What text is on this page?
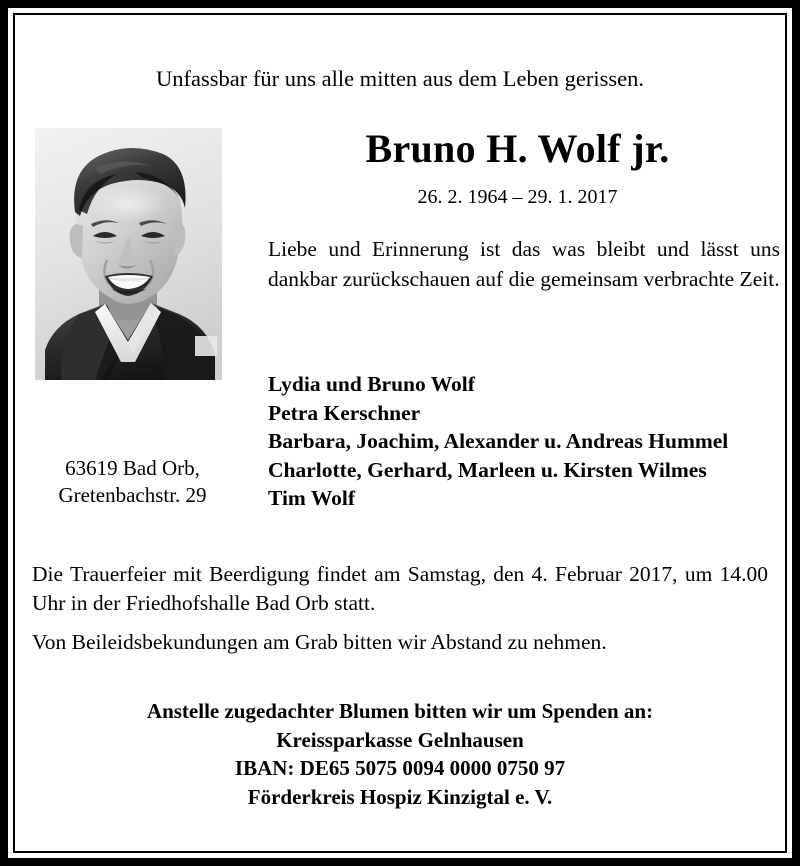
Unfassbar für uns alle mitten aus dem Leben gerissen.
63619 Bad Orb,
Gretenbachstr. 29
Bruno H. Wolf jr.
26. 2. 1964 – 29. 1. 2017
Liebe und Erinnerung ist das was bleibt und lässt uns dankbar zurückschauen auf die gemeinsam verbrachte Zeit.
Lydia und Bruno Wolf
Petra Kerschner
Barbara, Joachim, Alexander u. Andreas Hummel
Charlotte, Gerhard, Marleen u. Kirsten Wilmes
Tim Wolf
Die Trauerfeier mit Beerdigung findet am Samstag, den 4. Februar 2017, um 14.00 Uhr in der Friedhofshalle Bad Orb statt.
Von Beileidsbekundungen am Grab bitten wir Abstand zu nehmen.
Anstelle zugedachter Blumen bitten wir um Spenden an:
Kreissparkasse Gelnhausen
IBAN: DE65 5075 0094 0000 0750 97
Förderkreis Hospiz Kinzigtal e. V.
